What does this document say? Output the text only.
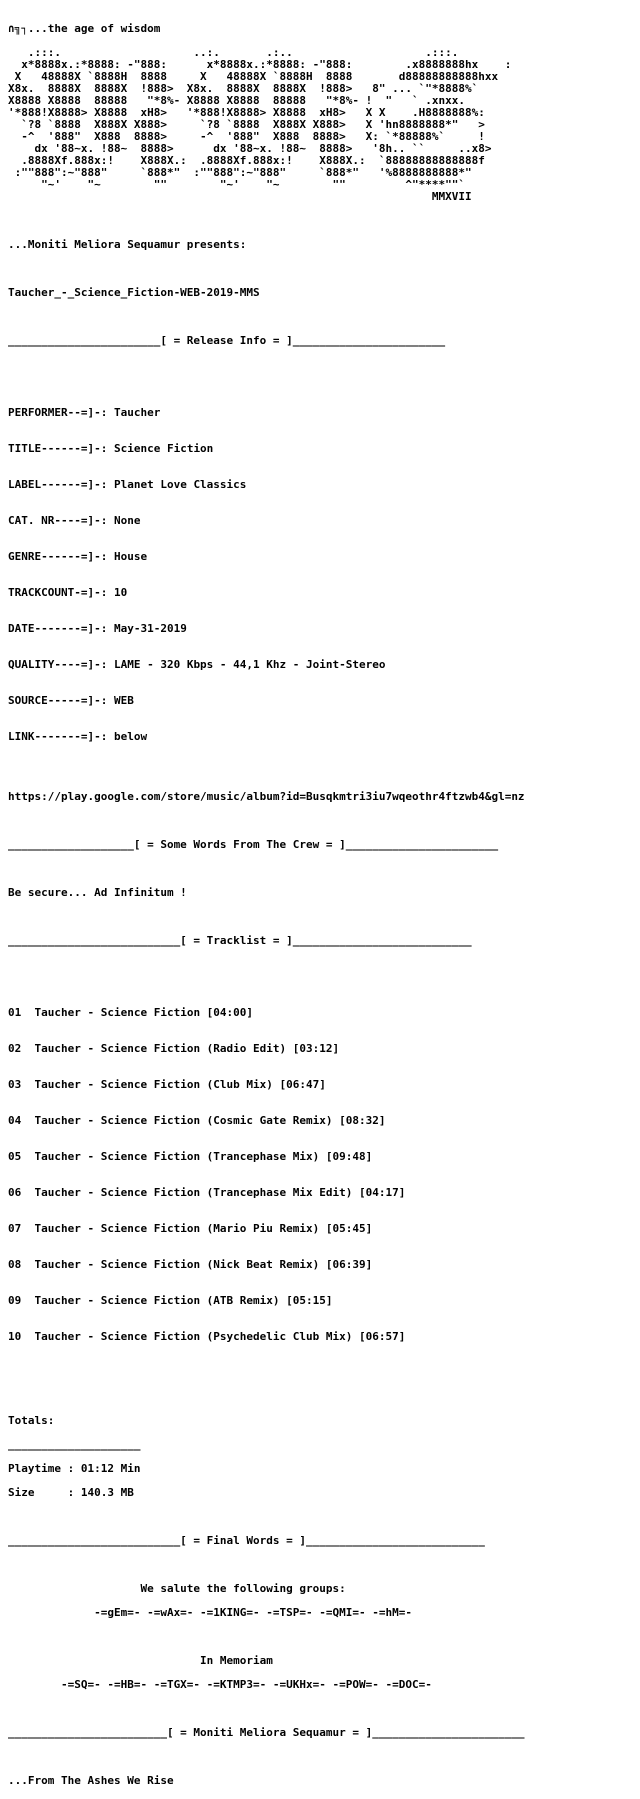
∩╗┐...the age of wisdom

.:::.                    ..:.       .:..                    .:::.
x*8888x.:*8888: -"888:      x*8888x.:*8888: -"888:        .x8888888hx    :
X   48888X `8888H  8888     X   48888X `8888H  8888       d88888888888hxx
X8x.  8888X  8888X  !888>  X8x.  8888X  8888X  !888>   8" ... `"*8888%`
X8888 X8888  88888   "*8%- X8888 X8888  88888   "*8%- !  "   ` .xnxx.
'*888!X8888> X8888  xH8>   '*888!X8888> X8888  xH8>   X X    .H8888888%:
`?8 `8888  X888X X888>     `?8 `8888  X888X X888>   X 'hn8888888*"   >
-^  '888"  X888  8888>     -^  '888"  X888  8888>   X: `*88888%`     !
dx '88~x. !88~  8888>      dx '88~x. !88~  8888>   '8h.. ``     ..x8>
.8888Xf.888x:!    X888X.:  .8888Xf.888x:!    X888X.:  `88888888888888f
:""888":~"888"     `888*"  :""888":~"888"     `888*"   '%8888888888*"
"~'    "~        ""        "~'    "~        ""         ^"****""`
MMXVII

...Moniti Meliora Sequamur presents:

Taucher_-_Science_Fiction-WEB-2019-MMS

_______________________[ = Release Info = ]_______________________

PERFORMER--=]-: Taucher

TITLE------=]-: Science Fiction

LABEL------=]-: Planet Love Classics

CAT. NR----=]-: None

GENRE------=]-: House

TRACKCOUNT-=]-: 10

DATE-------=]-: May-31-2019

QUALITY----=]-: LAME - 320 Kbps - 44,1 Khz - Joint-Stereo

SOURCE-----=]-: WEB

LINK-------=]-: below

https://play.google.com/store/music/album?id=Busqkmtri3iu7wqeothr4ftzwb4&gl=nz

___________________[ = Some Words From The Crew = ]_______________________

Be secure... Ad Infinitum !

__________________________[ = Tracklist = ]___________________________

01 Taucher - Science Fiction [04:00]

02 Taucher - Science Fiction (Radio Edit) [03:12]

03 Taucher - Science Fiction (Club Mix) [06:47]

04 Taucher - Science Fiction (Cosmic Gate Remix) [08:32]

05 Taucher - Science Fiction (Trancephase Mix) [09:48]

06 Taucher - Science Fiction (Trancephase Mix Edit) [04:17]

07 Taucher - Science Fiction (Mario Piu Remix) [05:45]

08 Taucher - Science Fiction (Nick Beat Remix) [06:39]

09 Taucher - Science Fiction (ATB Remix) [05:15]

10 Taucher - Science Fiction (Psychedelic Club Mix) [06:57]

Totals:

____________________

Playtime : 01:12 Min

Size     : 140.3 MB

__________________________[ = Final Words = ]___________________________

We salute the following groups:

-=gEm=- -=wAx=- -=1KING=- -=TSP=- -=QMI=- -=hM=-

In Memoriam

-=SQ=- -=HB=- -=TGX=- -=KTMP3=- -=UKHx=- -=POW=- -=DOC=-

________________________[ = Moniti Meliora Sequamur = ]_______________________

...From The Ashes We Rise
